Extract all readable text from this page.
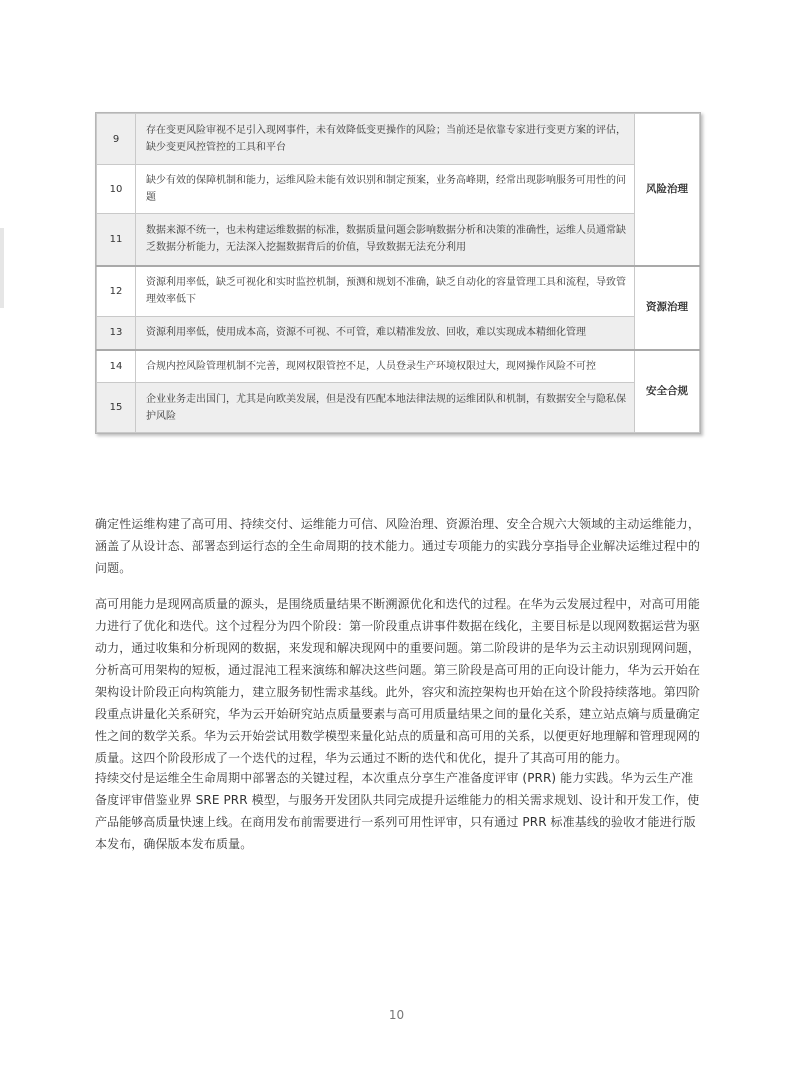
9	存在变更风险审视不足引入现网事件，未有效降低变更操作的风险；当前还是依靠专家进行变更方案的评估，缺少变更风控管控的工具和平台	风险治理
10	缺少有效的保障机制和能力，运维风险未能有效识别和制定预案，业务高峰期，经常出现影响服务可用性的问题	
11	数据来源不统一，也未构建运维数据的标准，数据质量问题会影响数据分析和决策的准确性，运维人员通常缺乏数据分析能力，无法深入挖掘数据背后的价值，导致数据无法充分利用	
12	资源利用率低，缺乏可视化和实时监控机制，预测和规划不准确，缺乏自动化的容量管理工具和流程，导致管理效率低下	资源治理
13	资源利用率低，使用成本高，资源不可视、不可管，难以精准发放、回收，难以实现成本精细化管理	
14	合规内控风险管理机制不完善，现网权限管控不足，人员登录生产环境权限过大，现网操作风险不可控	安全合规
15	企业业务走出国门，尤其是向欧美发展，但是没有匹配本地法律法规的运维团队和机制，有数据安全与隐私保护风险	

确定性运维构建了高可用、持续交付、运维能力可信、风险治理、资源治理、安全合规六大领域的主动运维能力，涵盖了从设计态、部署态到运行态的全生命周期的技术能力。通过专项能力的实践分享指导企业解决运维过程中的问题。

高可用能力是现网高质量的源头，是围绕质量结果不断溯源优化和迭代的过程。在华为云发展过程中，对高可用能力进行了优化和迭代。这个过程分为四个阶段：第一阶段重点讲事件数据在线化，主要目标是以现网数据运营为驱动力，通过收集和分析现网的数据，来发现和解决现网中的重要问题。第二阶段讲的是华为云主动识别现网问题，分析高可用架构的短板，通过混沌工程来演练和解决这些问题。第三阶段是高可用的正向设计能力，华为云开始在架构设计阶段正向构筑能力，建立服务韧性需求基线。此外，容灾和流控架构也开始在这个阶段持续落地。第四阶段重点讲量化关系研究，华为云开始研究站点质量要素与高可用质量结果之间的量化关系，建立站点熵与质量确定性之间的数学关系。华为云开始尝试用数学模型来量化站点的质量和高可用的关系，以便更好地理解和管理现网的质量。这四个阶段形成了一个迭代的过程，华为云通过不断的迭代和优化，提升了其高可用的能力。

持续交付是运维全生命周期中部署态的关键过程，本次重点分享生产准备度评审 (PRR) 能力实践。华为云生产准备度评审借鉴业界 SRE PRR 模型，与服务开发团队共同完成提升运维能力的相关需求规划、设计和开发工作，使产品能够高质量快速上线。在商用发布前需要进行一系列可用性评审，只有通过 PRR 标准基线的验收才能进行版本发布，确保版本发布质量。

10
